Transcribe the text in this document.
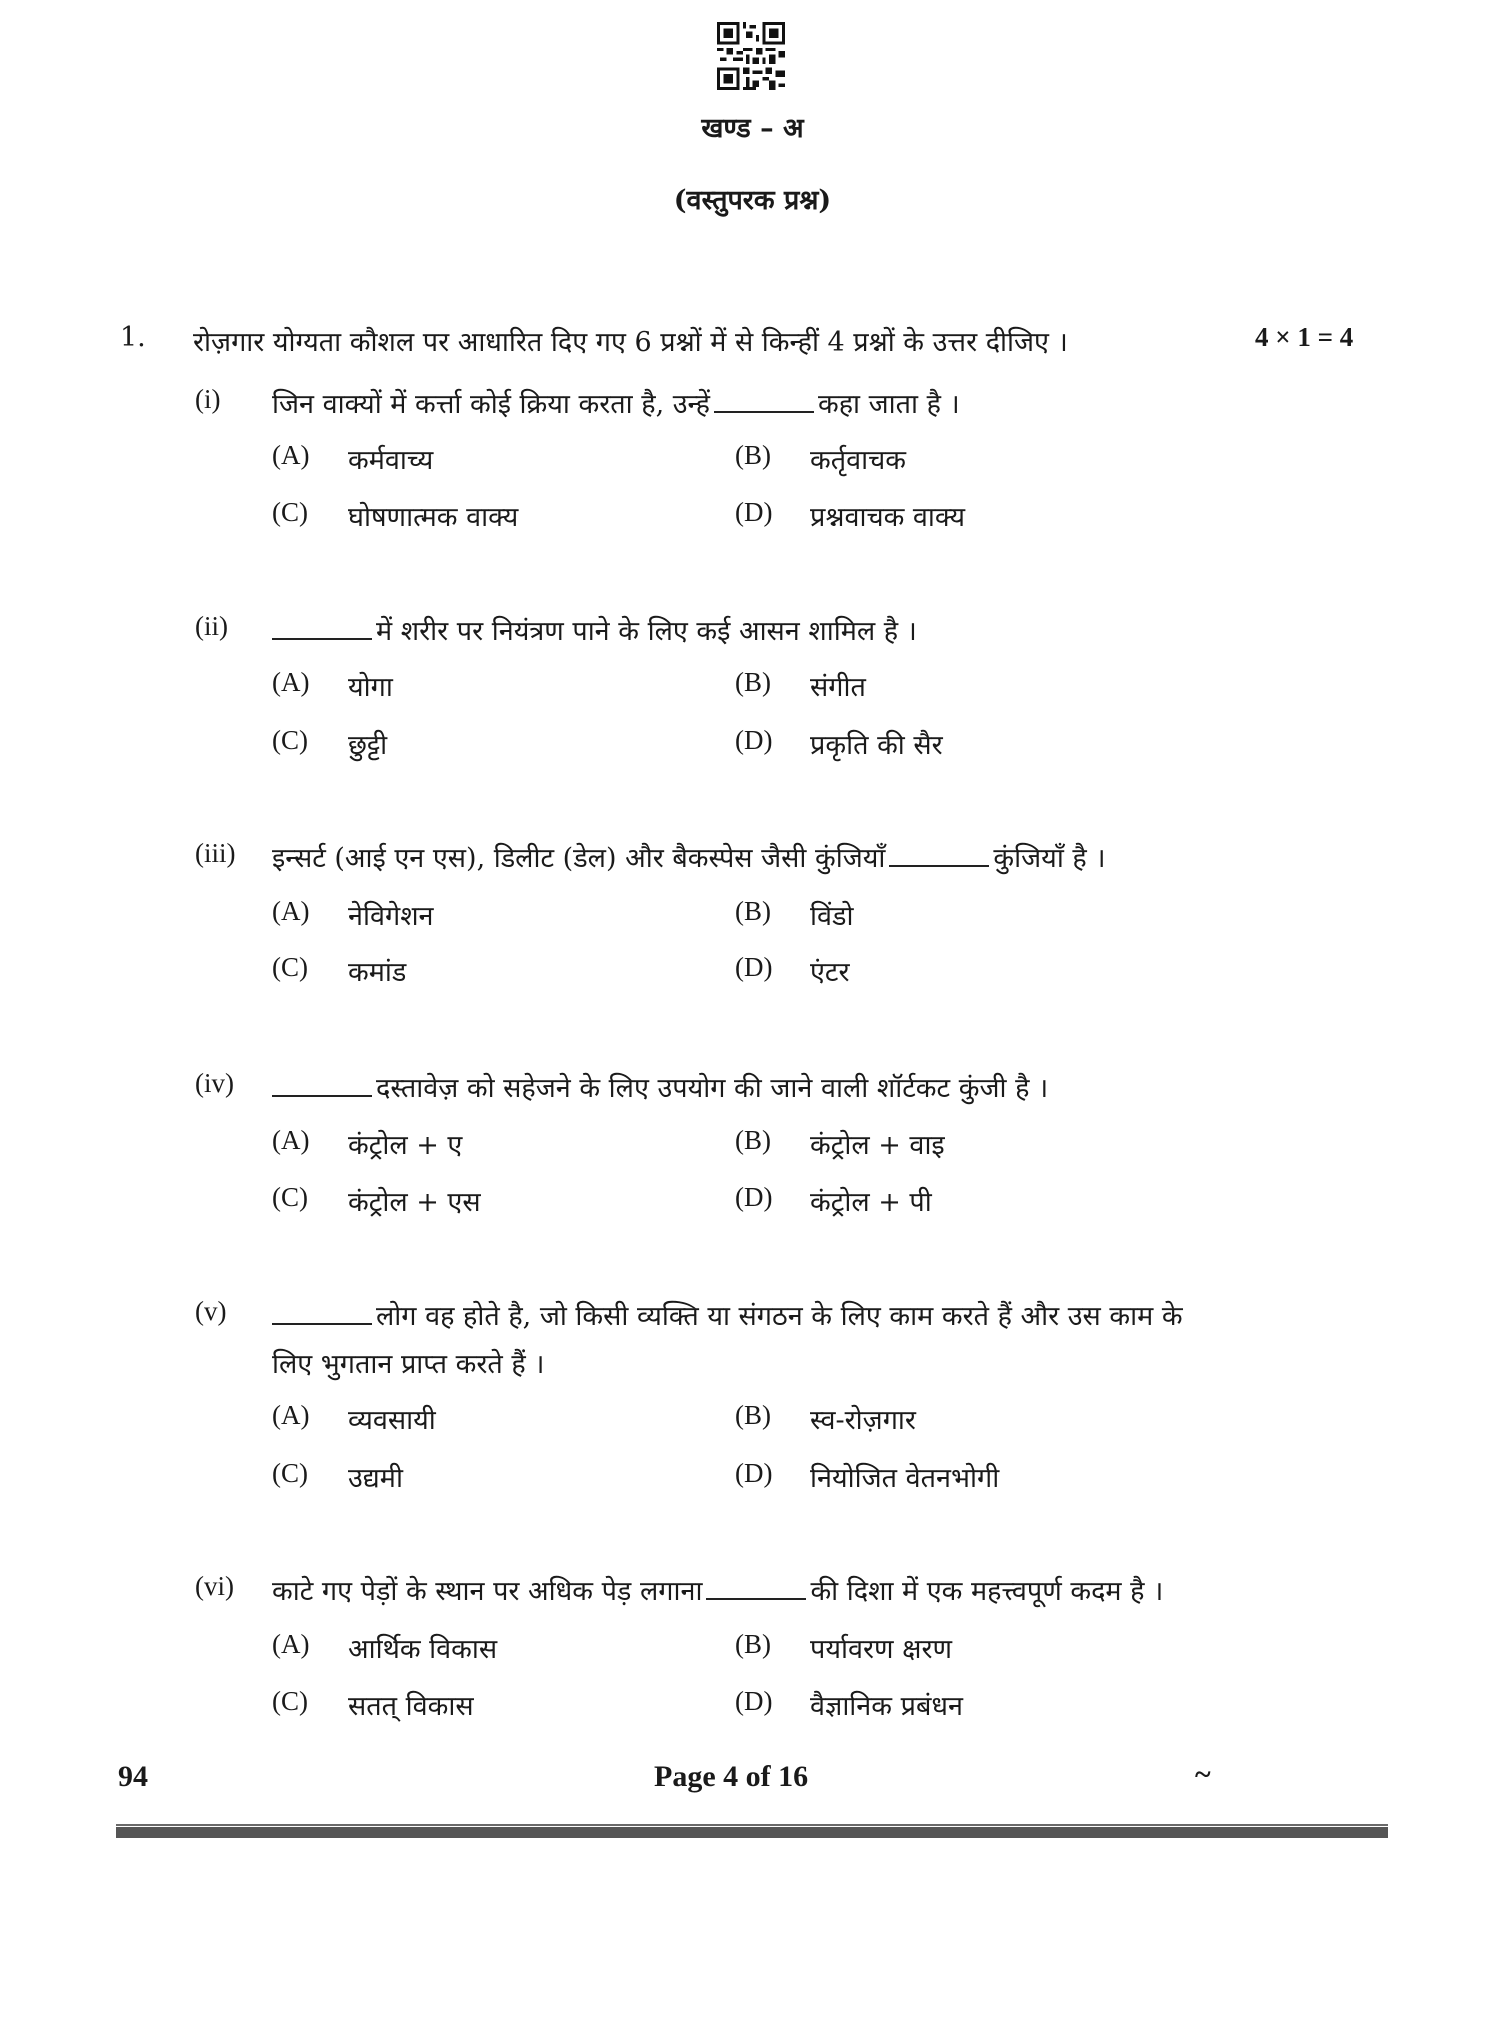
खण्ड – अ
(वस्तुपरक प्रश्न)
1. रोज़गार योग्यता कौशल पर आधारित दिए गए 6 प्रश्नों में से किन्हीं 4 प्रश्नों के उत्तर दीजिए ।	4 × 1 = 4
(i) जिन वाक्यों में कर्त्ता कोई क्रिया करता है, उन्हें	कहा जाता है ।
(A) कर्मवाच्य	(B) कर्तृवाचक
(C) घोषणात्मक वाक्य	(D) प्रश्नवाचक वाक्य
(ii)	में शरीर पर नियंत्रण पाने के लिए कई आसन शामिल है ।
(A) योगा	(B) संगीत
(C) छुट्टी	(D) प्रकृति की सैर
(iii) इन्सर्ट (आई एन एस), डिलीट (डेल) और बैकस्पेस जैसी कुंजियाँ	कुंजियाँ है ।
(A) नेविगेशन	(B) विंडो
(C) कमांड	(D) एंटर
(iv)	दस्तावेज़ को सहेजने के लिए उपयोग की जाने वाली शॉर्टकट कुंजी है ।
(A) कंट्रोल + ए	(B) कंट्रोल + वाइ
(C) कंट्रोल + एस	(D) कंट्रोल + पी
(v)	लोग वह होते है, जो किसी व्यक्ति या संगठन के लिए काम करते हैं और उस काम के
लिए भुगतान प्राप्त करते हैं ।
(A) व्यवसायी	(B) स्व-रोज़गार
(C) उद्यमी	(D) नियोजित वेतनभोगी
(vi) काटे गए पेड़ों के स्थान पर अधिक पेड़ लगाना	की दिशा में एक महत्त्वपूर्ण कदम है ।
(A) आर्थिक विकास	(B) पर्यावरण क्षरण
(C) सतत् विकास	(D) वैज्ञानिक प्रबंधन
94	Page 4 of 16	~
